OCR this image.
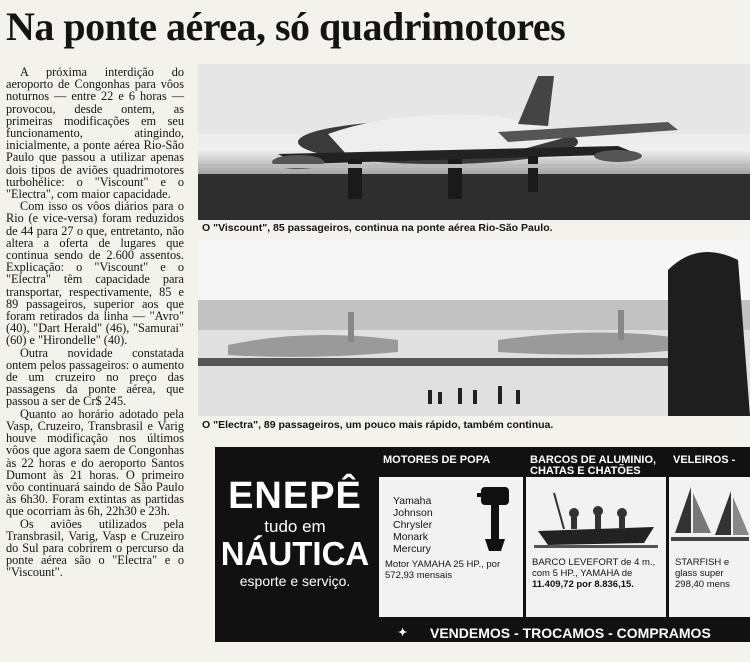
Na ponte aérea, só quadrimotores

A próxima interdição do aeroporto de Congonhas para vôos noturnos — entre 22 e 6 horas — provocou, desde ontem, as primeiras modificações em seu funcionamento, atingindo, inicialmente, a ponte aérea Rio-São Paulo que passou a utilizar apenas dois tipos de aviões quadrimotores turbohélice: o "Viscount" e o "Electra", com maior capacidade.

Com isso os vôos diários para o Rio (e vice-versa) foram reduzidos de 44 para 27 o que, entretanto, não altera a oferta de lugares que continua sendo de 2.600 assentos. Explicação: o "Viscount" e o "Electra" têm capacidade para transportar, respectivamente, 85 e 89 passageiros, superior aos que foram retirados da linha — "Avro" (40), "Dart Herald" (46), "Samurai" (60) e "Hirondelle" (40).

Outra novidade constatada ontem pelos passageiros: o aumento de um cruzeiro no preço das passagens da ponte aérea, que passou a ser de Cr$ 245.

Quanto ao horário adotado pela Vasp, Cruzeiro, Transbrasil e Varig houve modificação nos últimos vôos que agora saem de Congonhas às 22 horas e do aeroporto Santos Dumont às 21 horas. O primeiro vôo continuará saindo de São Paulo às 6h30. Foram extintas as partidas que ocorriam às 6h, 22h30 e 23h.

Os aviões utilizados pela Transbrasil, Varig, Vasp e Cruzeiro do Sul para cobrirem o percurso da ponte aérea são o "Electra" e o "Viscount".

O "Viscount", 85 passageiros, continua na ponte aérea Rio-São Paulo.
O "Electra", 89 passageiros, um pouco mais rápido, também continua.
ENEPÊ
tudo em
NÁUTICA
esporte e serviço.
MOTORES DE POPA
Yamaha
Johnson
Chrysler
Monark
Mercury
Motor YAMAHA 25 HP., por 572,93 mensais
BARCOS DE ALUMINIO, CHATAS E CHATÕES
BARCO LEVEFORT de 4 m., com 5 HP., YAMAHA de
11.409,72 por 8.836,15.
VELEIROS -
STARFISH e
glass super
298,40 mens
✦ VENDEMOS - TROCAMOS - COMPRAMOS
